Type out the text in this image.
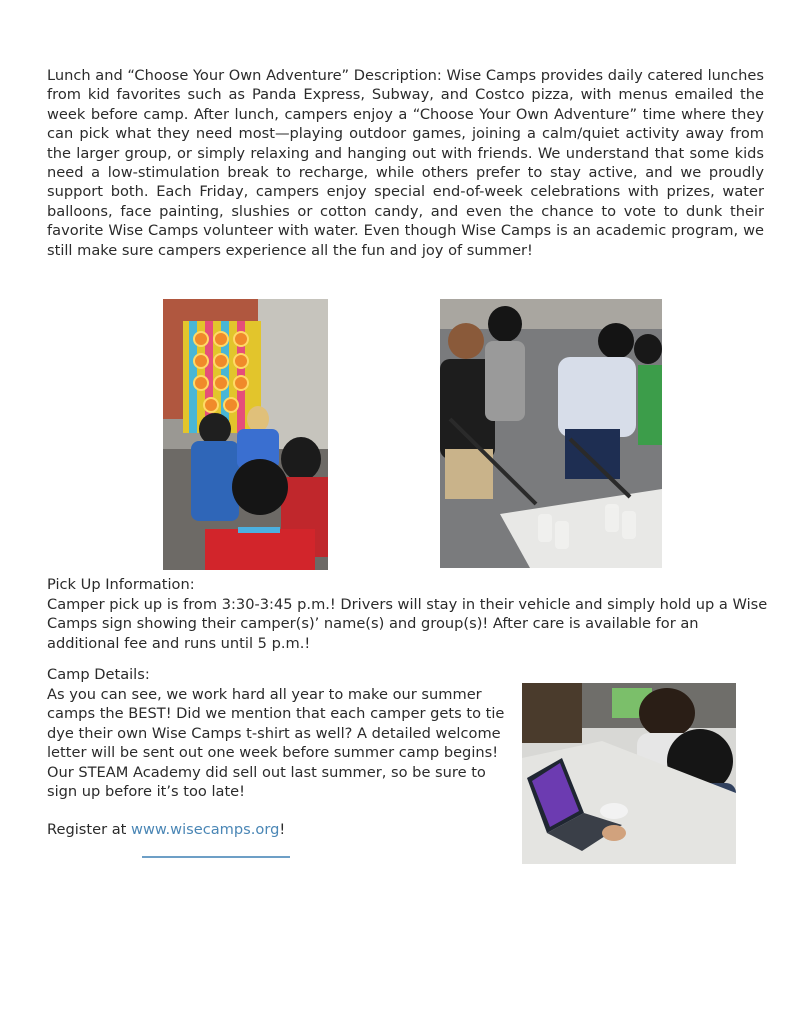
Lunch and “Choose Your Own Adventure” Description: Wise Camps provides daily catered lunches from kid favorites such as Panda Express, Subway, and Costco pizza, with menus emailed the week before camp. After lunch, campers enjoy a “Choose Your Own Adventure” time where they can pick what they need most—playing outdoor games, joining a calm/quiet activity away from the larger group, or simply relaxing and hanging out with friends. We understand that some kids need a low-stimulation break to recharge, while others prefer to stay active, and we proudly support both. Each Friday, campers enjoy special end-of-week celebrations with prizes, water balloons, face painting, slushies or cotton candy, and even the chance to vote to dunk their favorite Wise Camps volunteer with water. Even though Wise Camps is an academic program, we still make sure campers experience all the fun and joy of summer!

Pick Up Information:

Camper pick up is from 3:30-3:45 p.m.! Drivers will stay in their vehicle and simply hold up a Wise Camps sign showing their camper(s)’ name(s) and group(s)! After care is available for an additional fee and runs until 5 p.m.!

Camp Details:

As you can see, we work hard all year to make our summer camps the BEST! Did we mention that each camper gets to tie dye their own Wise Camps t-shirt as well? A detailed welcome letter will be sent out one week before summer camp begins! Our STEAM Academy did sell out last summer, so be sure to sign up before it’s too late!

Register at www.wisecamps.org!
